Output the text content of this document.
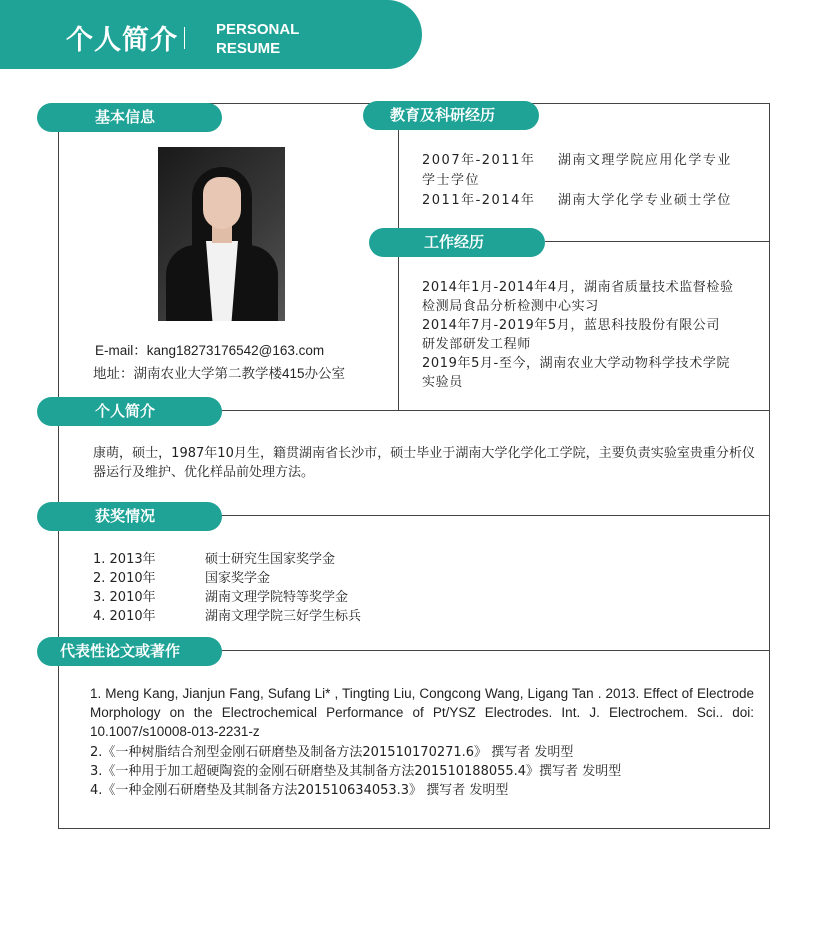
个人简介	PERSONAL
RESUME
基本信息
E-mail：kang18273176542@163.com
地址：湖南农业大学第二教学楼415办公室
教育及科研经历
2007年-2011年    湖南文理学院应用化学专业
学士学位
2011年-2014年    湖南大学化学专业硕士学位
工作经历
2014年1月-2014年4月，湖南省质量技术监督检验
检测局食品分析检测中心实习
2014年7月-2019年5月，蓝思科技股份有限公司
研发部研发工程师
2019年5月-至今，湖南农业大学动物科学技术学院
实验员
个人简介
康萌，硕士，1987年10月生，籍贯湖南省长沙市，硕士毕业于湖南大学化学化工学院，主要负责实验室贵重分析仪器运行及维护、优化样品前处理方法。
获奖情况
1. 2013年	硕士研究生国家奖学金
2. 2010年	国家奖学金
3. 2010年	湖南文理学院特等奖学金
4. 2010年	湖南文理学院三好学生标兵
代表性论文或著作
1. Meng Kang, Jianjun Fang, Sufang Li* , Tingting Liu, Congcong Wang, Ligang Tan . 2013. Effect of Electrode Morphology on the Electrochemical Performance of Pt/YSZ Electrodes. Int. J. Electrochem. Sci.. doi: 10.1007/s10008-013-2231-z
2.《一种树脂结合剂型金刚石研磨垫及制备方法201510170271.6》 撰写者 发明型
3.《一种用于加工超硬陶瓷的金刚石研磨垫及其制备方法201510188055.4》撰写者 发明型
4.《一种金刚石研磨垫及其制备方法201510634053.3》 撰写者 发明型
